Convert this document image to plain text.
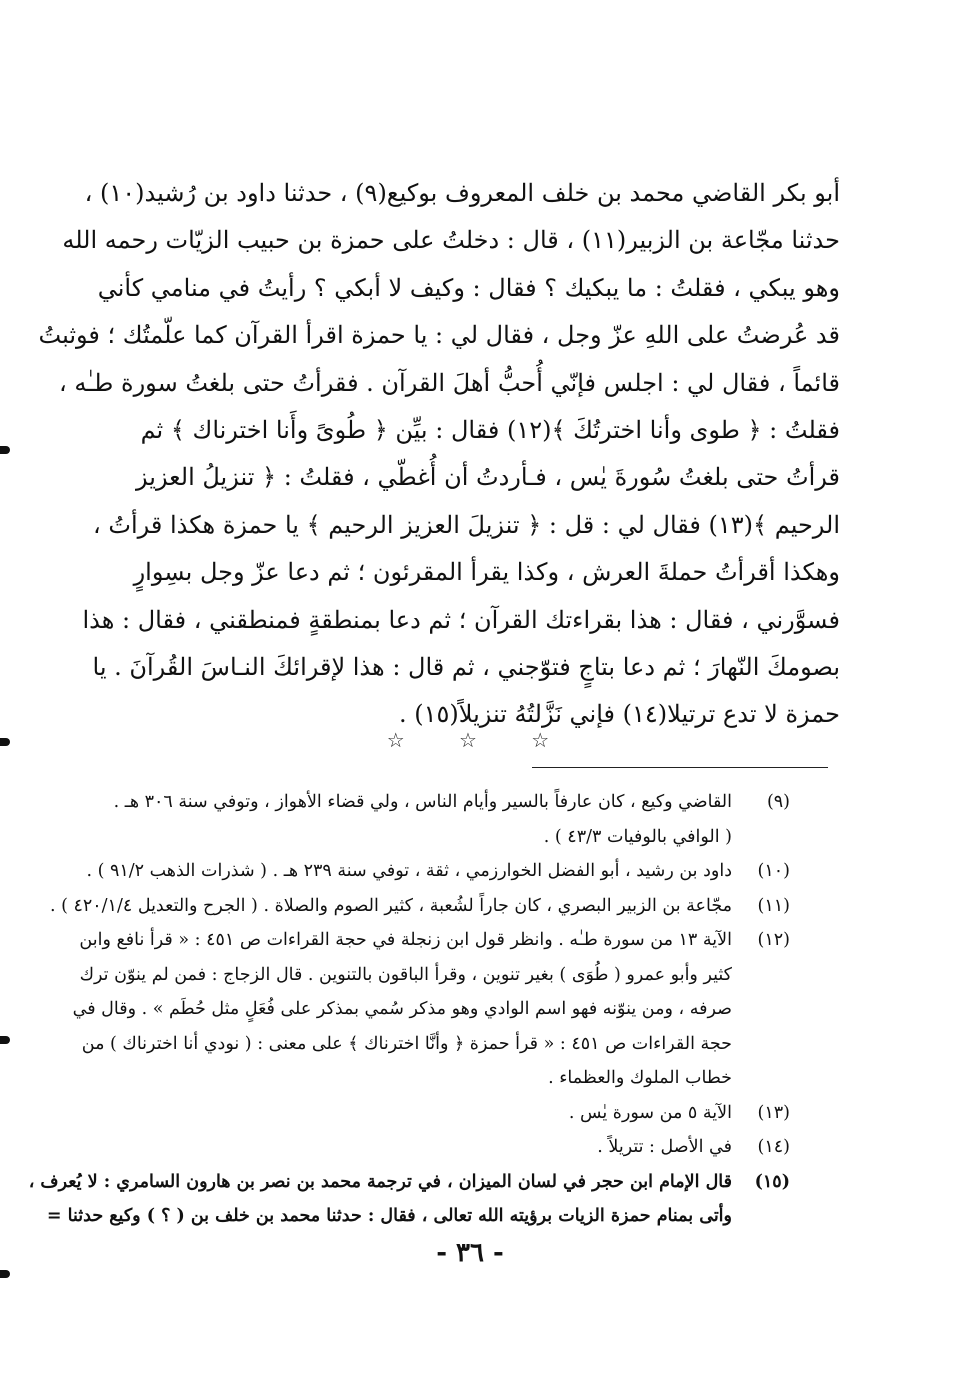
أبو بكر القاضي محمد بن خلف المعروف بوكيع(٩) ، حدثنا داود بن رُشيد(١٠) ،
حدثنا مجّاعة بن الزبير(١١) ، قال : دخلتُ على حمزة بن حبيب الزيّات رحمه الله
وهو يبكي ، فقلتُ : ما يبكيك ؟ فقال : وكيف لا أبكي ؟ رأيتُ في منامي كأني
قد عُرضتُ على اللهِ عزّ وجل ، فقال لي : يا حمزة اقرأ القرآن كما علّمتُك ؛ فوثبتُ
قائماً ، فقال لي : اجلس فإنّي أُحبُّ أهلَ القرآن . فقرأتُ حتى بلغتُ سورة طـٰه ،
فقلتُ : ﴿ طوى وأنا اخترتُكَ ﴾(١٢) فقال : بيِّن ﴿ طُوىً وأَنا اخترناك ﴾ ثم
قرأتُ حتى بلغتُ سُورةَ يٰس ، فـأردتُ أن أُغطّي ، فقلتُ : ﴿ تنزيلُ العزيز
الرحيم ﴾(١٣) فقال لي : قل : ﴿ تنزيلَ العزيز الرحيم ﴾ يا حمزة هكذا قرأتُ ،
وهكذا أقرأتُ حملةَ العرش ، وكذا يقرأ المقرئون ؛ ثم دعا عزّ وجل بسِوارٍ
فسوَّرني ، فقال : هذا بقراءتك القرآن ؛ ثم دعا بمنطقةٍ فمنطقني ، فقال : هذا
بصومكَ النّهارَ ؛ ثم دعا بتاجٍ فتوّجني ، ثم قال : هذا لإقرائكَ النـاسَ القُرآنَ . يا
حمزة لا تدع ترتيلا(١٤) فإني نَزَّلتُهُ تنزيلاً(١٥) .
☆ ☆ ☆
(٩)
القاضي وكيع ، كان عارفاً بالسير وأيام الناس ، ولي قضاء الأهواز ، وتوفي سنة ٣٠٦ هـ .
( الوافي بالوفيات ٤٣/٣ ) .
(١٠)
داود بن رشيد ، أبو الفضل الخوارزمي ، ثقة ، توفي سنة ٢٣٩ هـ . ( شذرات الذهب ٩١/٢ ) .
(١١)
مجّاعة بن الزبير البصري ، كان جاراً لشُعبة ، كثير الصوم والصلاة . ( الجرح والتعديل ٤٢٠/١/٤ ) .
(١٢)
الآية ١٣ من سورة طـٰه . وانظر قول ابن زنجلة في حجة القراءات ص ٤٥١ : « قرأ نافع وابن
كثير وأبو عمرو ( طُوَى ) بغير تنوين ، وقرأ الباقون بالتنوين . قال الزجاج : فمن لم ينوّن ترك
صرفه ، ومن ينوّنه فهو اسم الوادي وهو مذكر سُمي بمذكر على فُعَلٍ مثل حُطَم » . وقال في
حجة القراءات ص ٤٥١ : « قرأ حمزة ﴿ وأنَّا اخترناك ﴾ على معنى : ( نودي أنا اخترناك ) من
خطاب الملوك والعظماء .
(١٣)
الآية ٥ من سورة يٰس .
(١٤)
في الأصل : تتريلاً .
(١٥)
قال الإمام ابن حجر في لسان الميزان ، في ترجمة محمد بن نصر بن هارون السامري : لا يُعرف ،
وأتى بمنام حمزة الزيات برؤيته الله تعالى ، فقال : حدثنا محمد بن خلف بن ( ؟ ) وكيع حدثنا =
- ٣٦ -
